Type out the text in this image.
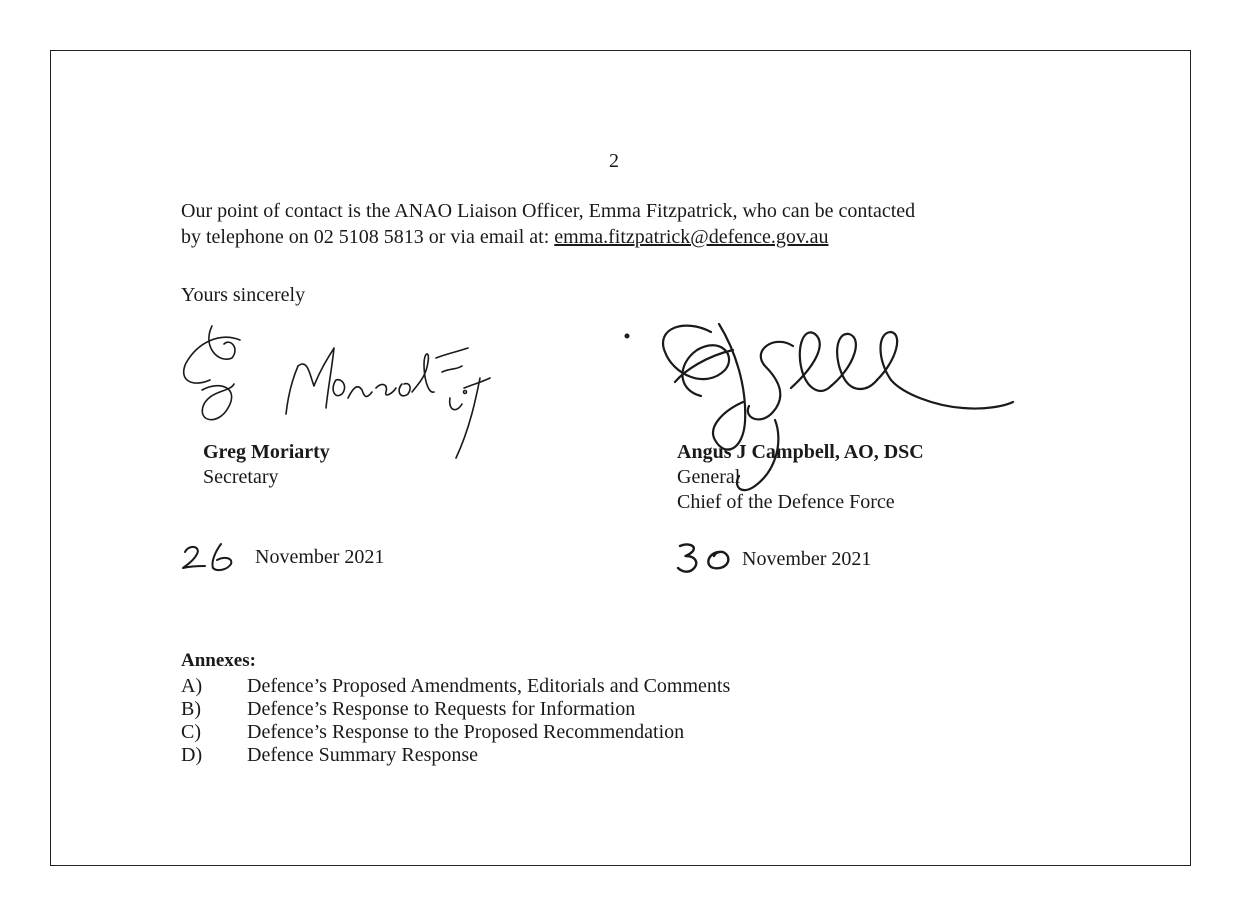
2
Our point of contact is the ANAO Liaison Officer, Emma Fitzpatrick, who can be contacted
by telephone on 02 5108 5813 or via email at: emma.fitzpatrick@defence.gov.au
Yours sincerely
Greg Moriarty
Secretary
Angus J Campbell, AO, DSC
General
Chief of the Defence Force
November 2021	November 2021
Annexes:
A) Defence’s Proposed Amendments, Editorials and Comments
B) Defence’s Response to Requests for Information
C) Defence’s Response to the Proposed Recommendation
D) Defence Summary Response
